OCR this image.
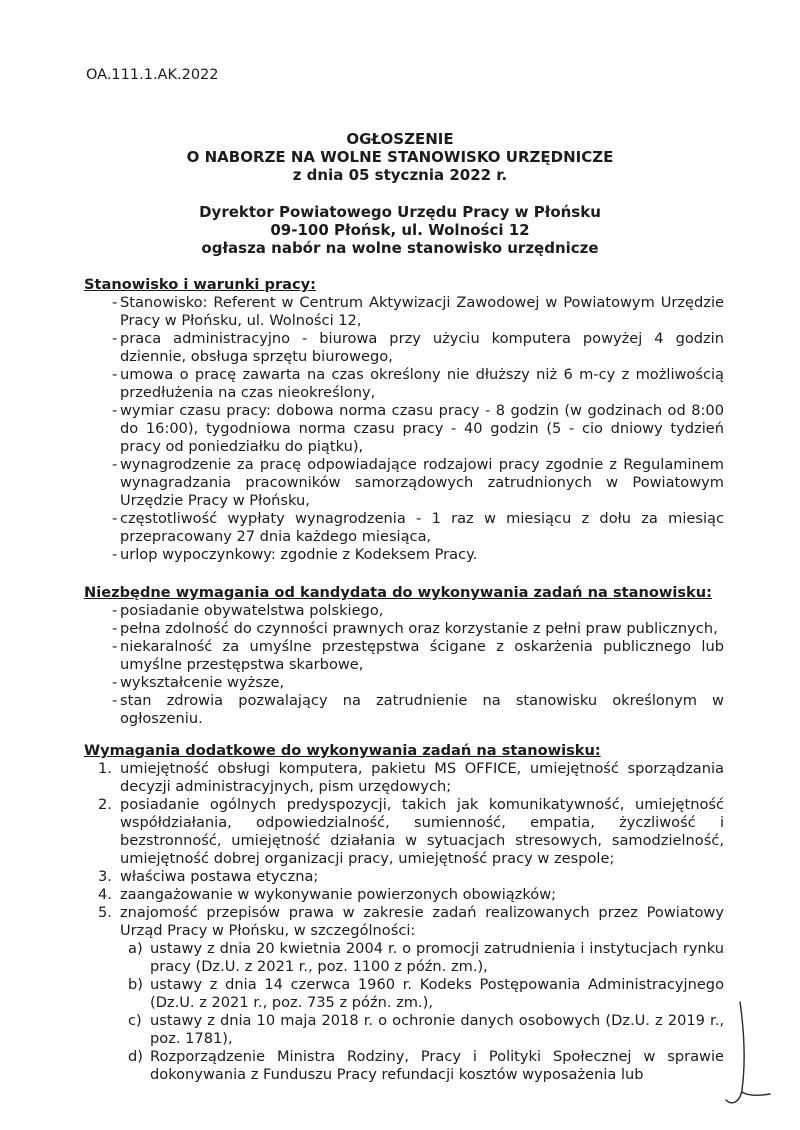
OA.111.1.AK.2022
OGŁOSZENIE
O NABORZE NA WOLNE STANOWISKO URZĘDNICZE
z dnia 05 stycznia 2022 r.
Dyrektor Powiatowego Urzędu Pracy w Płońsku
09-100 Płońsk, ul. Wolności 12
ogłasza nabór na wolne stanowisko urzędnicze

Stanowisko i warunki pracy:

- Stanowisko: Referent w Centrum Aktywizacji Zawodowej w Powiatowym Urzędzie Pracy w Płońsku, ul. Wolności 12,
- praca administracyjno - biurowa przy użyciu komputera powyżej 4 godzin dziennie, obsługa sprzętu biurowego,
- umowa o pracę zawarta na czas określony nie dłuższy niż 6 m-cy z możliwością przedłużenia na czas nieokreślony,
- wymiar czasu pracy: dobowa norma czasu pracy - 8 godzin (w godzinach od 8:00 do 16:00), tygodniowa norma czasu pracy - 40 godzin (5 - cio dniowy tydzień pracy od poniedziałku do piątku),
- wynagrodzenie za pracę odpowiadające rodzajowi pracy zgodnie z Regulaminem wynagradzania pracowników samorządowych zatrudnionych w Powiatowym Urzędzie Pracy w Płońsku,
- częstotliwość wypłaty wynagrodzenia - 1 raz w miesiącu z dołu za miesiąc przepracowany 27 dnia każdego miesiąca,
- urlop wypoczynkowy: zgodnie z Kodeksem Pracy.

Niezbędne wymagania od kandydata do wykonywania zadań na stanowisku:

- posiadanie obywatelstwa polskiego,
- pełna zdolność do czynności prawnych oraz korzystanie z pełni praw publicznych,
- niekaralność za umyślne przestępstwa ścigane z oskarżenia publicznego lub umyślne przestępstwa skarbowe,
- wykształcenie wyższe,
- stan zdrowia pozwalający na zatrudnienie na stanowisku określonym w ogłoszeniu.

Wymagania dodatkowe do wykonywania zadań na stanowisku:

1. umiejętność obsługi komputera, pakietu MS OFFICE, umiejętność sporządzania decyzji administracyjnych, pism urzędowych;
2. posiadanie ogólnych predyspozycji, takich jak komunikatywność, umiejętność współdziałania, odpowiedzialność, sumienność, empatia, życzliwość i bezstronność, umiejętność działania w sytuacjach stresowych, samodzielność, umiejętność dobrej organizacji pracy, umiejętność pracy w zespole;
3. właściwa postawa etyczna;
4. zaangażowanie w wykonywanie powierzonych obowiązków;
5. znajomość przepisów prawa w zakresie zadań realizowanych przez Powiatowy Urząd Pracy w Płońsku, w szczególności:
a) ustawy z dnia 20 kwietnia 2004 r. o promocji zatrudnienia i instytucjach rynku pracy (Dz.U. z 2021 r., poz. 1100 z późn. zm.),
b) ustawy z dnia 14 czerwca 1960 r. Kodeks Postępowania Administracyjnego (Dz.U. z 2021 r., poz. 735 z późn. zm.),
c) ustawy z dnia 10 maja 2018 r. o ochronie danych osobowych (Dz.U. z 2019 r., poz. 1781),
d) Rozporządzenie Ministra Rodziny, Pracy i Polityki Społecznej w sprawie dokonywania z Funduszu Pracy refundacji kosztów wyposażenia lub
